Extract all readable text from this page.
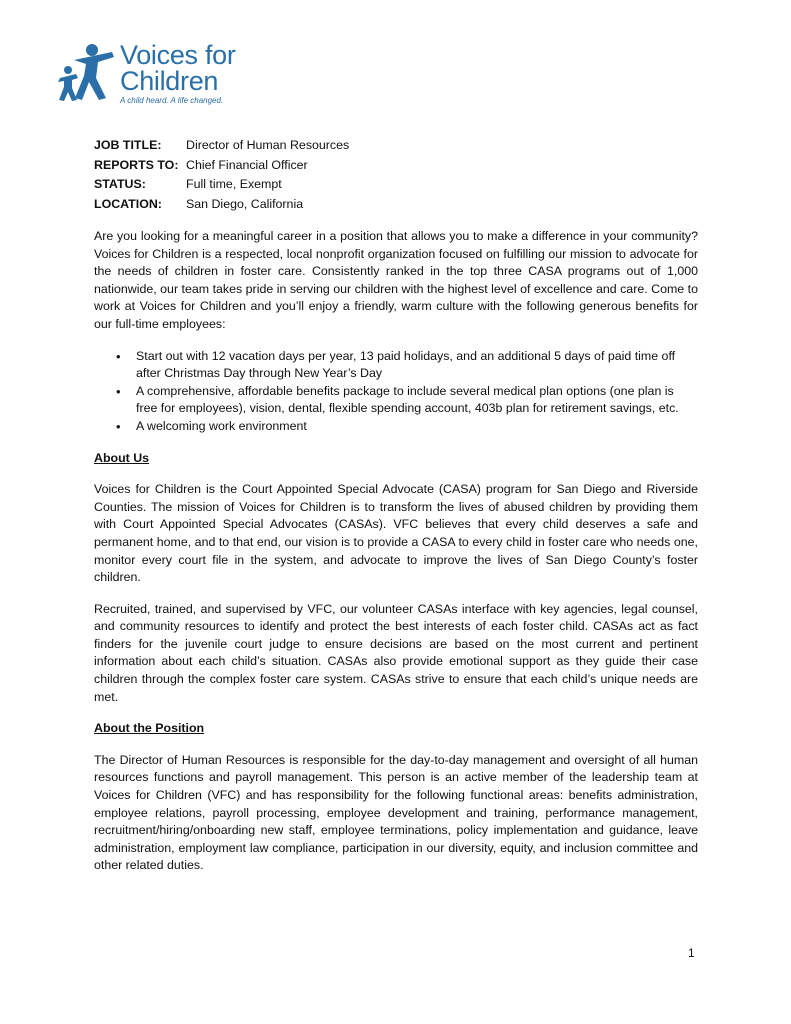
Voices for
Children
A child heard. A life changed.
JOB TITLE:	Director of Human Resources
REPORTS TO: Chief Financial Officer
STATUS:	Full time, Exempt
LOCATION:	San Diego, California

Are you looking for a meaningful career in a position that allows you to make a difference in your community? Voices for Children is a respected, local nonprofit organization focused on fulfilling our mission to advocate for the needs of children in foster care. Consistently ranked in the top three CASA programs out of 1,000 nationwide, our team takes pride in serving our children with the highest level of excellence and care. Come to work at Voices for Children and you’ll enjoy a friendly, warm culture with the following generous benefits for our full-time employees:

• Start out with 12 vacation days per year, 13 paid holidays, and an additional 5 days of paid time off after Christmas Day through New Year’s Day
• A comprehensive, affordable benefits package to include several medical plan options (one plan is free for employees), vision, dental, flexible spending account, 403b plan for retirement savings, etc.
• A welcoming work environment
About Us

Voices for Children is the Court Appointed Special Advocate (CASA) program for San Diego and Riverside Counties. The mission of Voices for Children is to transform the lives of abused children by providing them with Court Appointed Special Advocates (CASAs). VFC believes that every child deserves a safe and permanent home, and to that end, our vision is to provide a CASA to every child in foster care who needs one, monitor every court file in the system, and advocate to improve the lives of San Diego County’s foster children.

Recruited, trained, and supervised by VFC, our volunteer CASAs interface with key agencies, legal counsel, and community resources to identify and protect the best interests of each foster child. CASAs act as fact finders for the juvenile court judge to ensure decisions are based on the most current and pertinent information about each child’s situation. CASAs also provide emotional support as they guide their case children through the complex foster care system. CASAs strive to ensure that each child’s unique needs are met.

About the Position

The Director of Human Resources is responsible for the day-to-day management and oversight of all human resources functions and payroll management. This person is an active member of the leadership team at Voices for Children (VFC) and has responsibility for the following functional areas: benefits administration, employee relations, payroll processing, employee development and training, performance management, recruitment/hiring/onboarding new staff, employee terminations, policy implementation and guidance, leave administration, employment law compliance, participation in our diversity, equity, and inclusion committee and other related duties.

1
